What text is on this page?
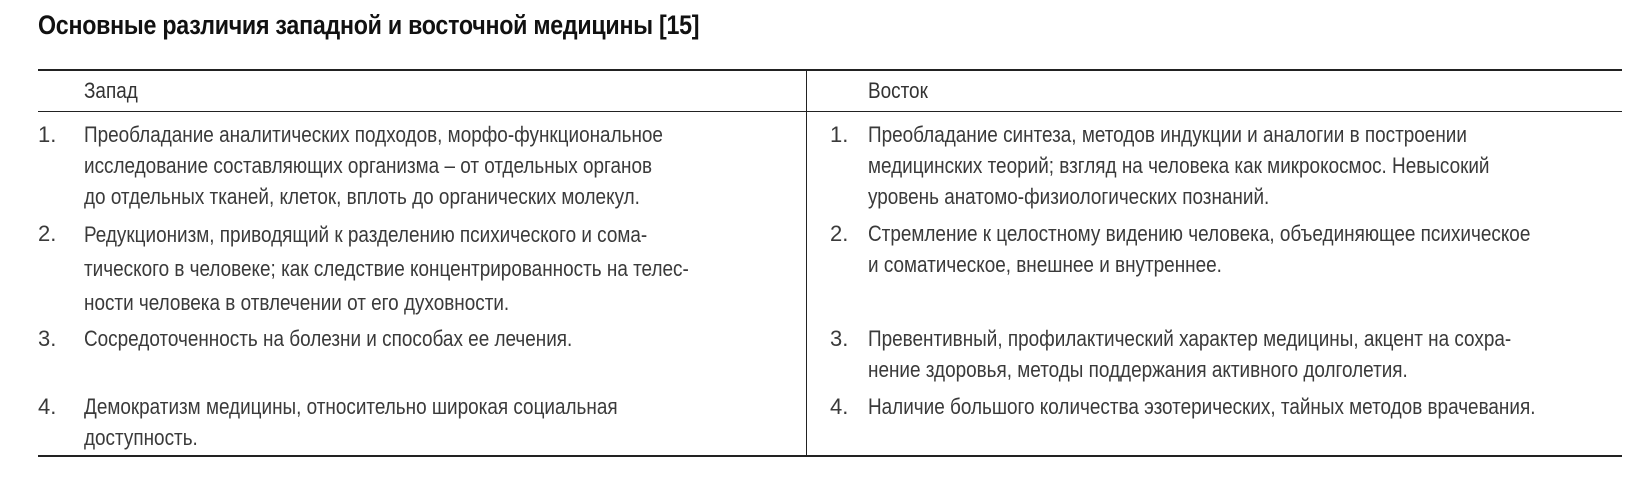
Основные различия западной и восточной медицины [15]
Запад	Восток
1. Преобладание аналитических подходов, морфо-функциональное
исследование составляющих организма – от отдельных органов
до отдельных тканей, клеток, вплоть до органических молекул.
2. Редукционизм, приводящий к разделению психического и сома-
тического в человеке; как следствие концентрированность на телес-
ности человека в отвлечении от его духовности.
3. Сосредоточенность на болезни и способах ее лечения.
4. Демократизм медицины, относительно широкая социальная
доступность.
1. Преобладание синтеза, методов индукции и аналогии в построении
медицинских теорий; взгляд на человека как микрокосмос. Невысокий
уровень анатомо-физиологических познаний.
2. Стремление к целостному видению человека, объединяющее психическое
и соматическое, внешнее и внутреннее.
3. Превентивный, профилактический характер медицины, акцент на сохра-
нение здоровья, методы поддержания активного долголетия.
4. Наличие большого количества эзотерических, тайных методов врачевания.
